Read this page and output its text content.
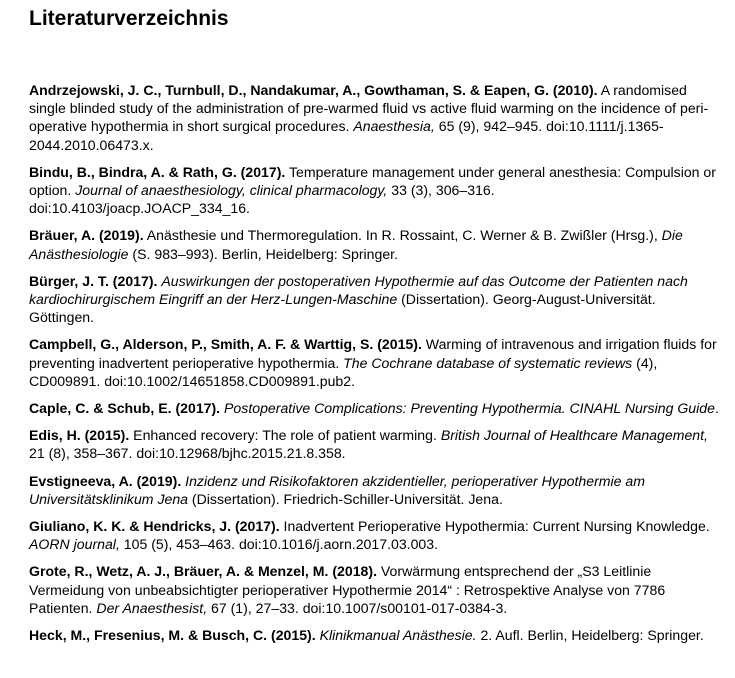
Literaturverzeichnis
Andrzejowski, J. C., Turnbull, D., Nandakumar, A., Gowthaman, S. & Eapen, G. (2010). A randomised single blinded study of the administration of pre-warmed fluid vs active fluid warming on the incidence of peri-operative hypothermia in short surgical procedures. Anaesthesia, 65 (9), 942–945. doi:10.1111/j.1365-2044.2010.06473.x.
Bindu, B., Bindra, A. & Rath, G. (2017). Temperature management under general anesthesia: Compulsion or option. Journal of anaesthesiology, clinical pharmacology, 33 (3), 306–316. doi:10.4103/joacp.JOACP_334_16.
Bräuer, A. (2019). Anästhesie und Thermoregulation. In R. Rossaint, C. Werner & B. Zwißler (Hrsg.), Die Anästhesiologie (S. 983–993). Berlin, Heidelberg: Springer.
Bürger, J. T. (2017). Auswirkungen der postoperativen Hypothermie auf das Outcome der Patienten nach kardiochirurgischem Eingriff an der Herz-Lungen-Maschine (Dissertation). Georg-August-Universität. Göttingen.
Campbell, G., Alderson, P., Smith, A. F. & Warttig, S. (2015). Warming of intravenous and irrigation fluids for preventing inadvertent perioperative hypothermia. The Cochrane database of systematic reviews (4), CD009891. doi:10.1002/14651858.CD009891.pub2.
Caple, C. & Schub, E. (2017). Postoperative Complications: Preventing Hypothermia. CINAHL Nursing Guide.
Edis, H. (2015). Enhanced recovery: The role of patient warming. British Journal of Healthcare Management, 21 (8), 358–367. doi:10.12968/bjhc.2015.21.8.358.
Evstigneeva, A. (2019). Inzidenz und Risikofaktoren akzidentieller, perioperativer Hypothermie am Universitätsklinikum Jena (Dissertation). Friedrich-Schiller-Universität. Jena.
Giuliano, K. K. & Hendricks, J. (2017). Inadvertent Perioperative Hypothermia: Current Nursing Knowledge. AORN journal, 105 (5), 453–463. doi:10.1016/j.aorn.2017.03.003.
Grote, R., Wetz, A. J., Bräuer, A. & Menzel, M. (2018). Vorwärmung entsprechend der „S3 Leitlinie Vermeidung von unbeabsichtigter perioperativer Hypothermie 2014“ : Retrospektive Analyse von 7786 Patienten. Der Anaesthesist, 67 (1), 27–33. doi:10.1007/s00101-017-0384-3.
Heck, M., Fresenius, M. & Busch, C. (2015). Klinikmanual Anästhesie. 2. Aufl. Berlin, Heidelberg: Springer.
